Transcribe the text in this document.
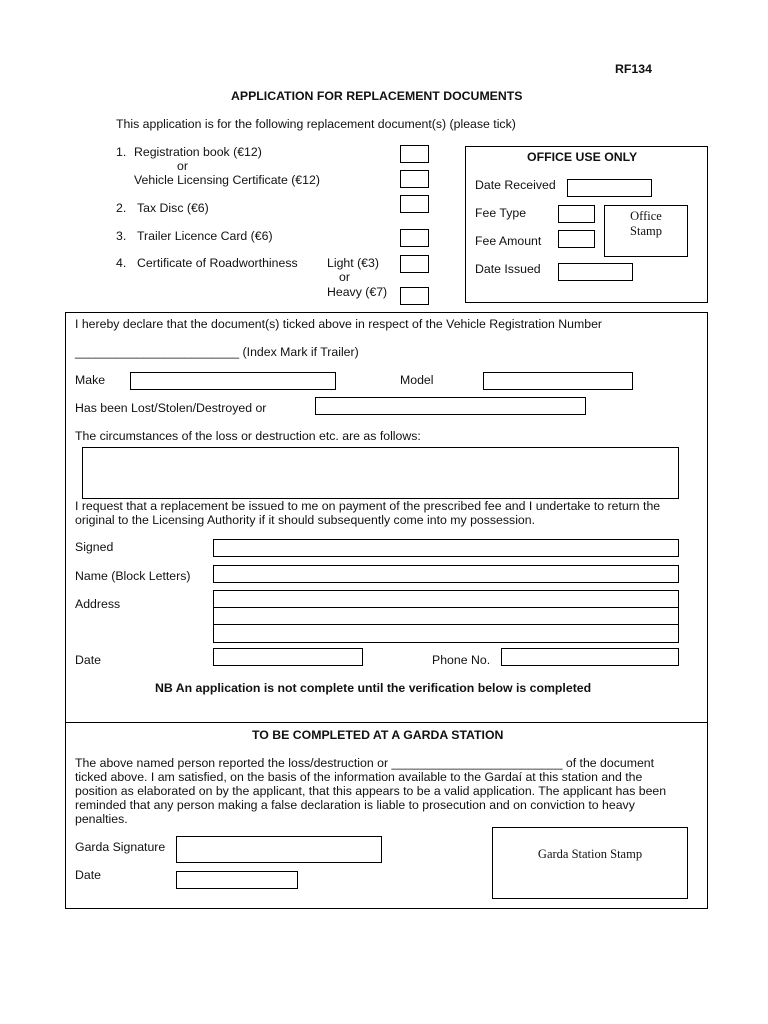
RF134
APPLICATION FOR REPLACEMENT DOCUMENTS
This application is for the following replacement document(s) (please tick)
1. Registration book (€12)
or
Vehicle Licensing Certificate (€12)
2. Tax Disc (€6)
3. Trailer Licence Card (€6)
4. Certificate of Roadworthiness Light (€3)
or
Heavy (€7)
OFFICE USE ONLY
Date Received
Fee Type
Fee Amount
Date Issued
Office
Stamp
I hereby declare that the document(s) ticked above in respect of the Vehicle Registration Number
________________________ (Index Mark if Trailer)
Make	Model
Has been Lost/Stolen/Destroyed or
The circumstances of the loss or destruction etc. are as follows:
I request that a replacement be issued to me on payment of the prescribed fee and I undertake to return the
original to the Licensing Authority if it should subsequently come into my possession.
Signed
Name (Block Letters)
Address
Date	Phone No.
NB An application is not complete until the verification below is completed
TO BE COMPLETED AT A GARDA STATION
The above named person reported the loss/destruction or _________________________ of the document
ticked above. I am satisfied, on the basis of the information available to the Gardaí at this station and the
position as elaborated on by the applicant, that this appears to be a valid application. The applicant has been
reminded that any person making a false declaration is liable to prosecution and on conviction to heavy
penalties.
Garda Signature
Date
Garda Station Stamp
